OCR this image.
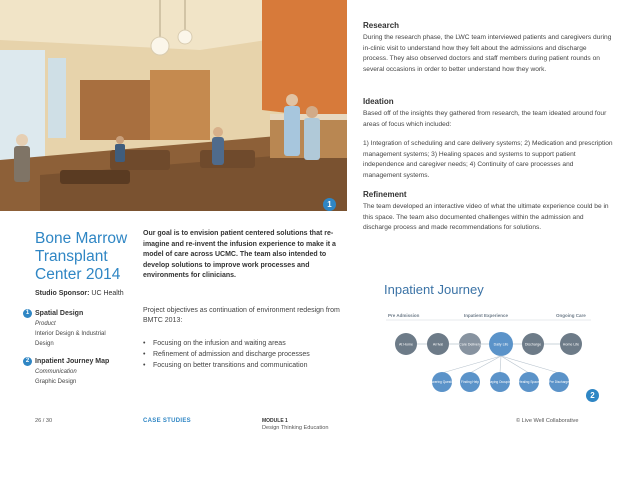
1
Bone Marrow
Transplant
Center 2014
Studio Sponsor: UC Health
1 Spatial Design
Product
Interior Design & Industrial
Design
2 Inpatient Journey Map
Communication
Graphic Design

Our goal is to envision patient centered solutions that re-imagine and re-invent the infusion experience to make it a model of care across UCMC. The team also intended to develop solutions to improve work processes and environments for clinicians.

Project objectives as continuation of environment redesign from BMTC 2013:

• Focusing on the infusion and waiting areas
• Refinement of admission and discharge processes
• Focusing on better transitions and communication
Research

During the research phase, the LWC team interviewed patients and caregivers during in-clinic visit to understand how they felt about the admissions and discharge process. They also observed doctors and staff members during patient rounds on several occasions in order to better understand how they work.

Ideation

Based off of the insights they gathered from research, the team ideated around four areas of focus which included:

1) Integration of scheduling and care delivery systems; 2) Medication and prescription management systems; 3) Healing spaces and systems to support patient independence and caregiver needs; 4) Continuity of care processes and management systems.

Refinement

The team developed an interactive video of what the ultimate experience could be in this space. The team also documented challenges within the admission and discharge process and made recommendations for solutions.

Inpatient Journey
Pre Admission	Inpatient Experience	Ongoing Care
At Home	Arrival	Care Delivery	Daily Life	Discharge	Home Life
Answering Questions Finding Help	Staying Occupied Healing Space	Pre Discharge
2
26 / 30	CASE STUDIES	MODULE 1
Design Thinking Education
© Live Well Collaborative
